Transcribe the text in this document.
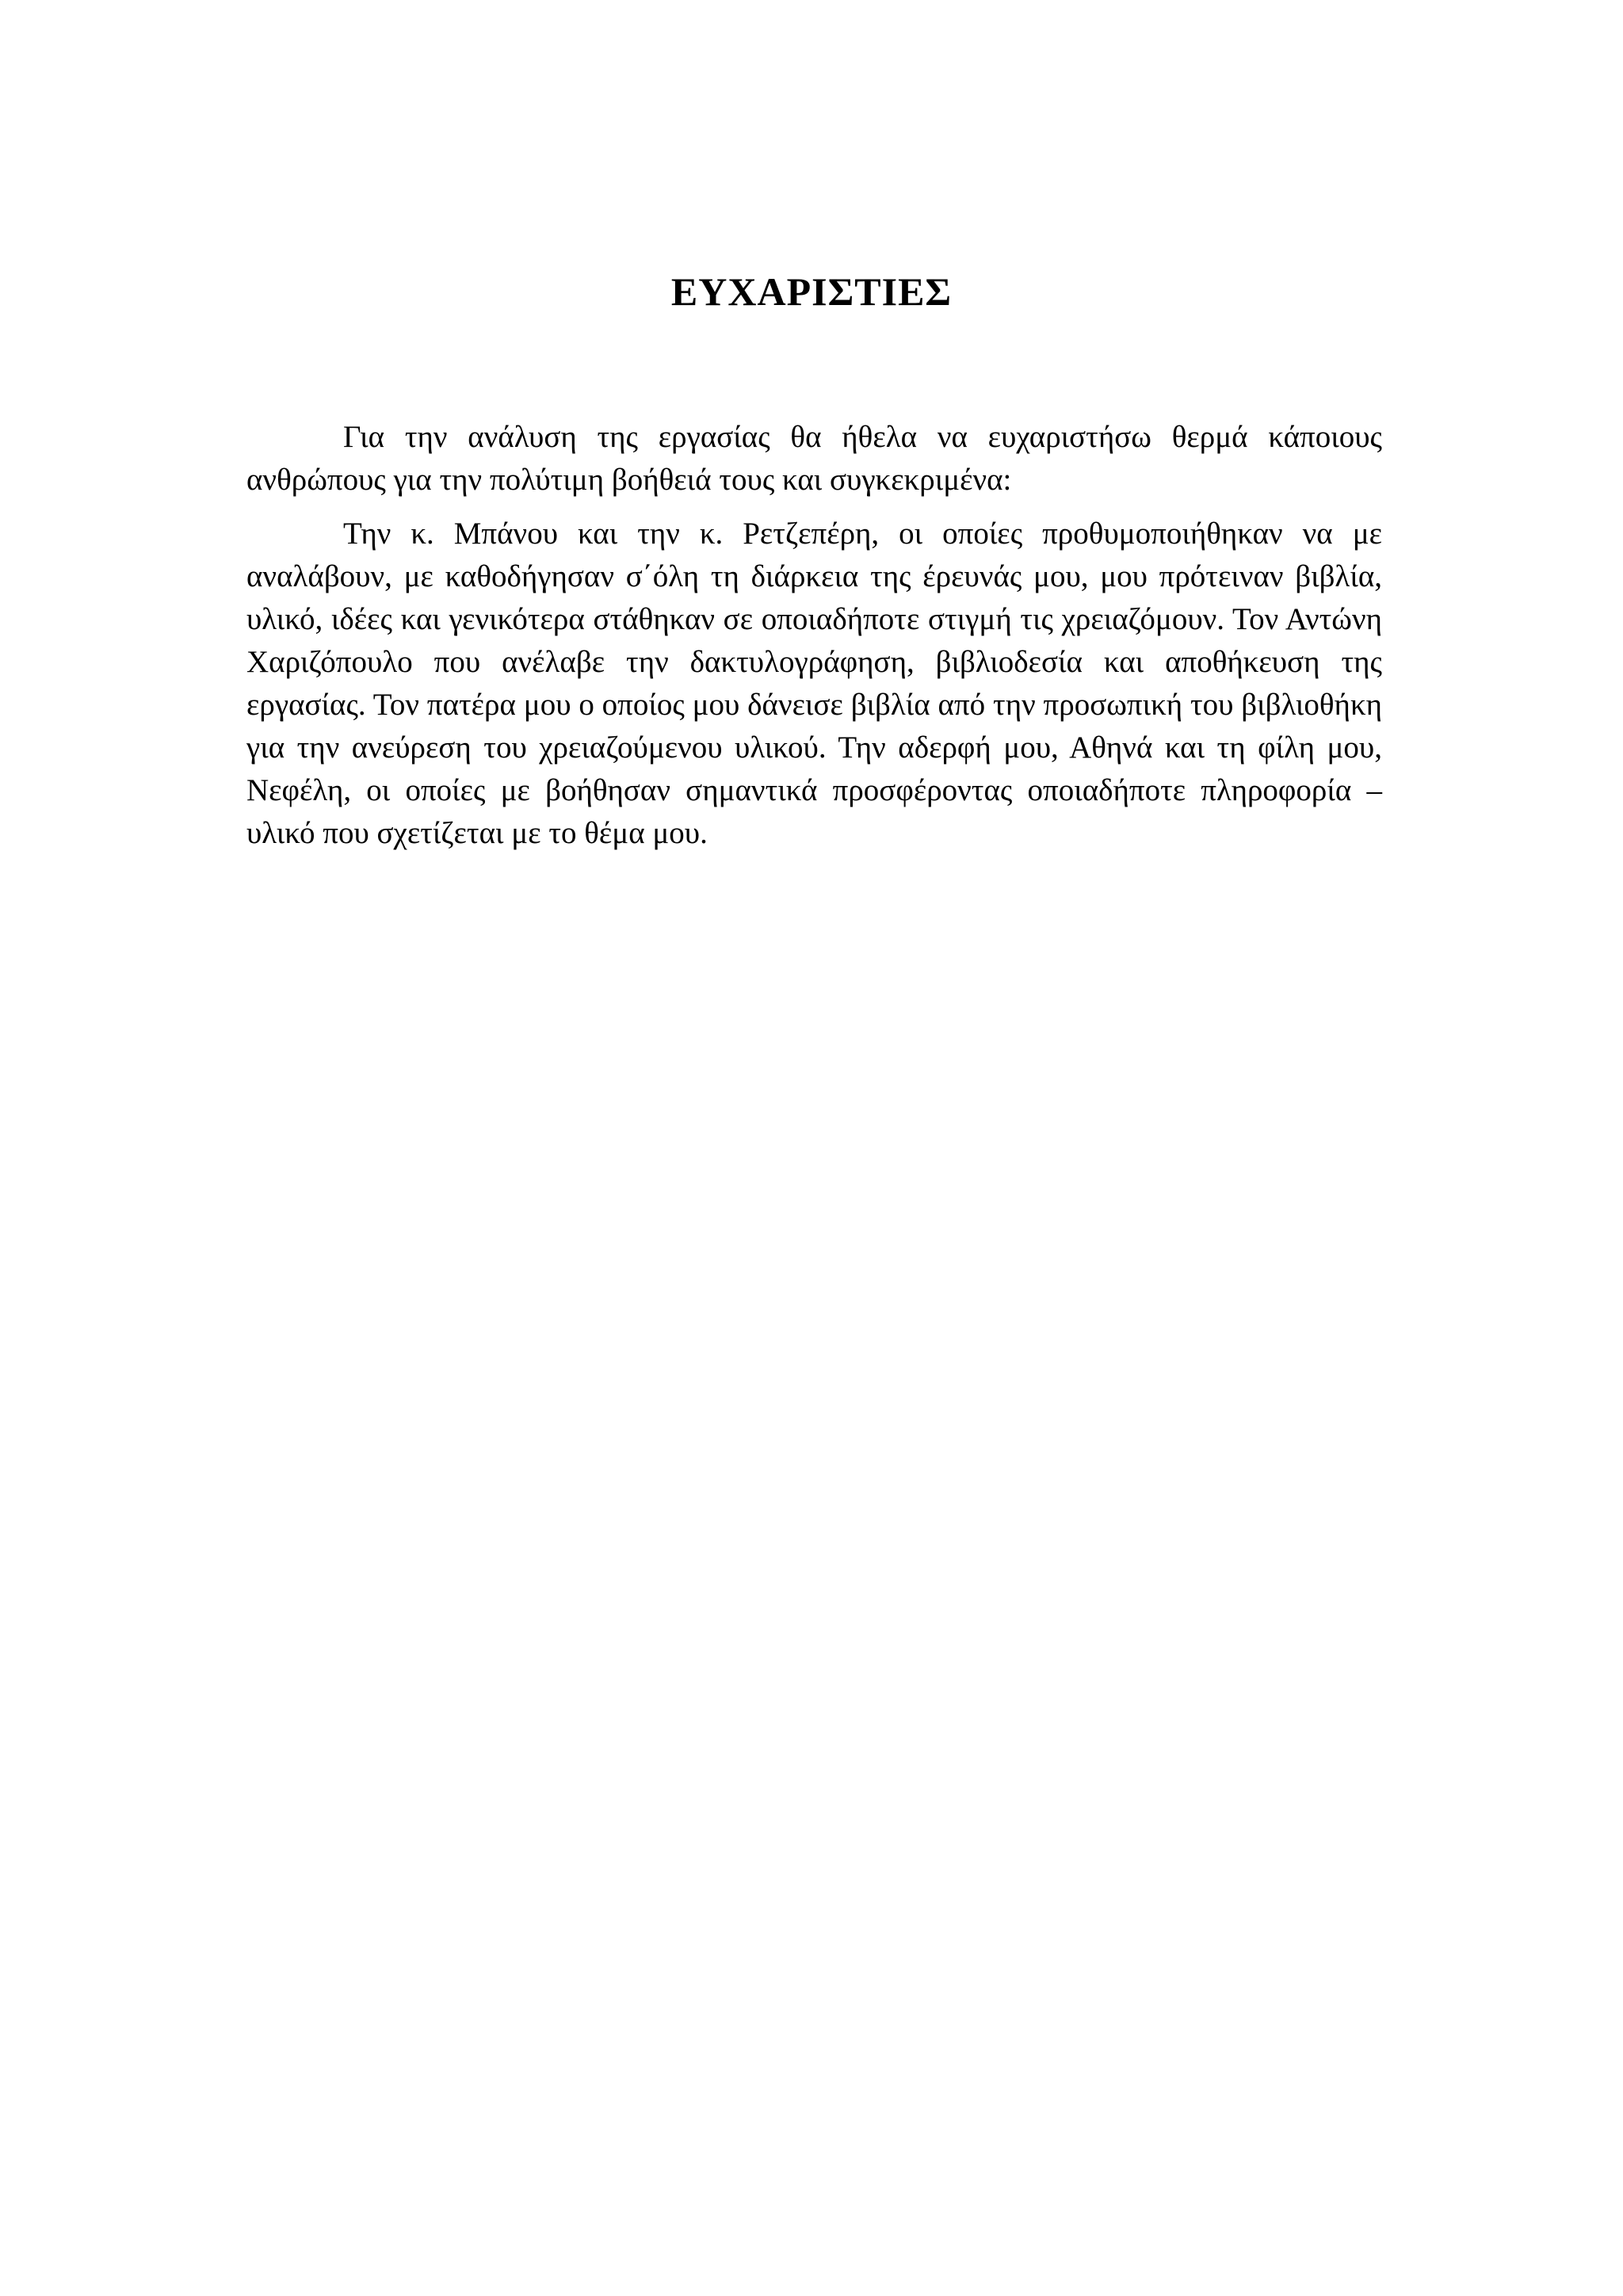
ΕΥΧΑΡΙΣΤΙΕΣ

Για την ανάλυση της εργασίας θα ήθελα να ευχαριστήσω θερμά κάποιους ανθρώπους για την πολύτιμη βοήθειά τους και συγκεκριμένα:

Την κ. Μπάνου και την κ. Ρετζεπέρη, οι οποίες προθυμοποιήθηκαν να με αναλάβουν, με καθοδήγησαν σ΄όλη τη διάρκεια της έρευνάς μου, μου πρότειναν βιβλία, υλικό, ιδέες και γενικότερα στάθηκαν σε οποιαδήποτε στιγμή τις χρειαζόμουν. Τον Αντώνη Χαριζόπουλο που ανέλαβε την δακτυλογράφηση, βιβλιοδεσία και αποθήκευση της εργασίας. Τον πατέρα μου ο οποίος μου δάνεισε βιβλία από την προσωπική του βιβλιοθήκη για την ανεύρεση του χρειαζούμενου υλικού. Την αδερφή μου, Αθηνά και τη φίλη μου, Νεφέλη, οι οποίες με βοήθησαν σημαντικά προσφέροντας οποιαδήποτε πληροφορία – υλικό που σχετίζεται με το θέμα μου.
